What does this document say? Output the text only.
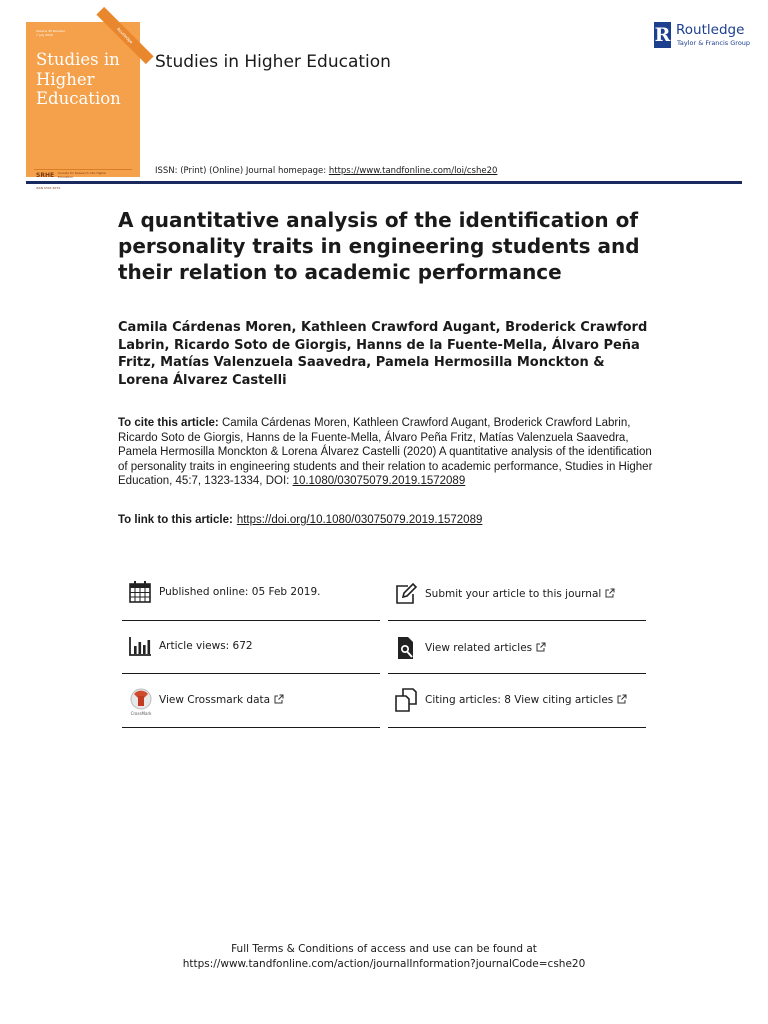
Volume 45 Number 7 July 2020	Routledge
Studies in Higher Education
SRHE Society for Research into Higher Education
ISSN 0307-5079
Studies in Higher Education
R Routledge
Taylor & Francis Group
ISSN: (Print) (Online) Journal homepage: https://www.tandfonline.com/loi/cshe20
A quantitative analysis of the identification of personality traits in engineering students and their relation to academic performance

Camila Cárdenas Moren, Kathleen Crawford Augant, Broderick Crawford Labrin, Ricardo Soto de Giorgis, Hanns de la Fuente-Mella, Álvaro Peña Fritz, Matías Valenzuela Saavedra, Pamela Hermosilla Monckton & Lorena Álvarez Castelli

To cite this article: Camila Cárdenas Moren, Kathleen Crawford Augant, Broderick Crawford Labrin, Ricardo Soto de Giorgis, Hanns de la Fuente-Mella, Álvaro Peña Fritz, Matías Valenzuela Saavedra, Pamela Hermosilla Monckton & Lorena Álvarez Castelli (2020) A quantitative analysis of the identification of personality traits in engineering students and their relation to academic performance, Studies in Higher Education, 45:7, 1323-1334, DOI: 10.1080/03075079.2019.1572089

To link to this article: https://doi.org/10.1080/03075079.2019.1572089

Published online: 05 Feb 2019.	Submit your article to this journal
Article views: 672	View related articles
CrossMark
View Crossmark data	Citing articles: 8 View citing articles
Full Terms & Conditions of access and use can be found at
https://www.tandfonline.com/action/journalInformation?journalCode=cshe20
